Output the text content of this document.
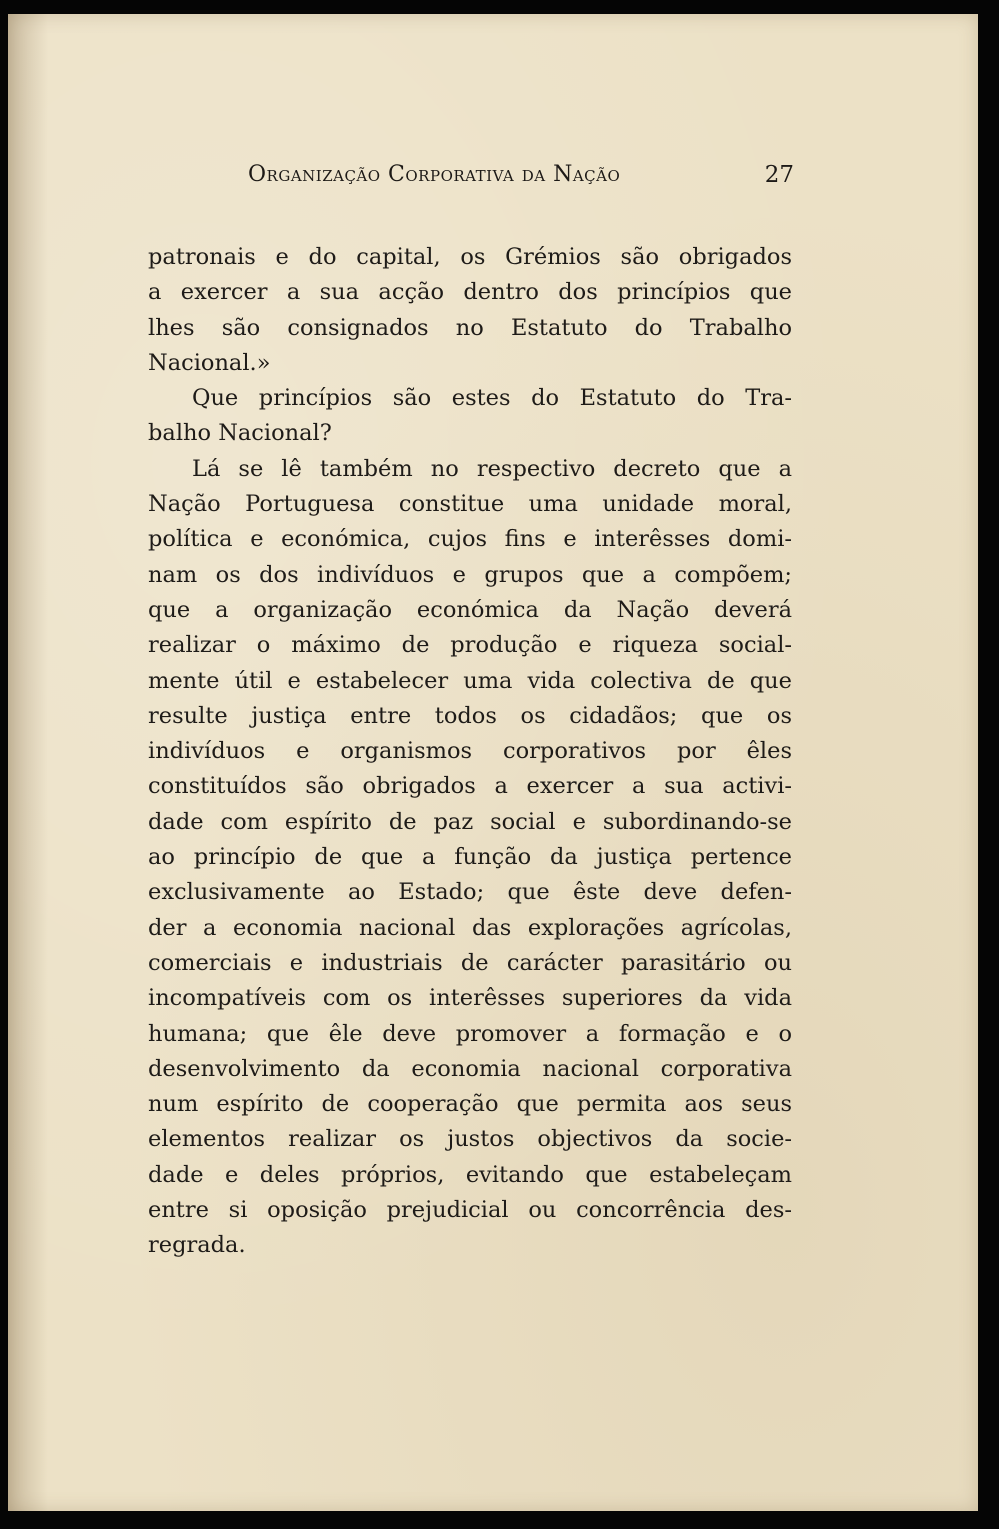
Organização Corporativa da Nação	27
patronais e do capital, os Grémios são obrigados
a exercer a sua acção dentro dos princípios que
lhes são consignados no Estatuto do Trabalho
Nacional.»
Que princípios são estes do Estatuto do Tra-
balho Nacional?
Lá se lê também no respectivo decreto que a
Nação Portuguesa constitue uma unidade moral,
política e económica, cujos fins e interêsses domi-
nam os dos indivíduos e grupos que a compõem;
que a organização económica da Nação deverá
realizar o máximo de produção e riqueza social-
mente útil e estabelecer uma vida colectiva de que
resulte justiça entre todos os cidadãos; que os
indivíduos e organismos corporativos por êles
constituídos são obrigados a exercer a sua activi-
dade com espírito de paz social e subordinando-se
ao princípio de que a função da justiça pertence
exclusivamente ao Estado; que êste deve defen-
der a economia nacional das explorações agrícolas,
comerciais e industriais de carácter parasitário ou
incompatíveis com os interêsses superiores da vida
humana; que êle deve promover a formação e o
desenvolvimento da economia nacional corporativa
num espírito de cooperação que permita aos seus
elementos realizar os justos objectivos da socie-
dade e deles próprios, evitando que estabeleçam
entre si oposição prejudicial ou concorrência des-
regrada.
